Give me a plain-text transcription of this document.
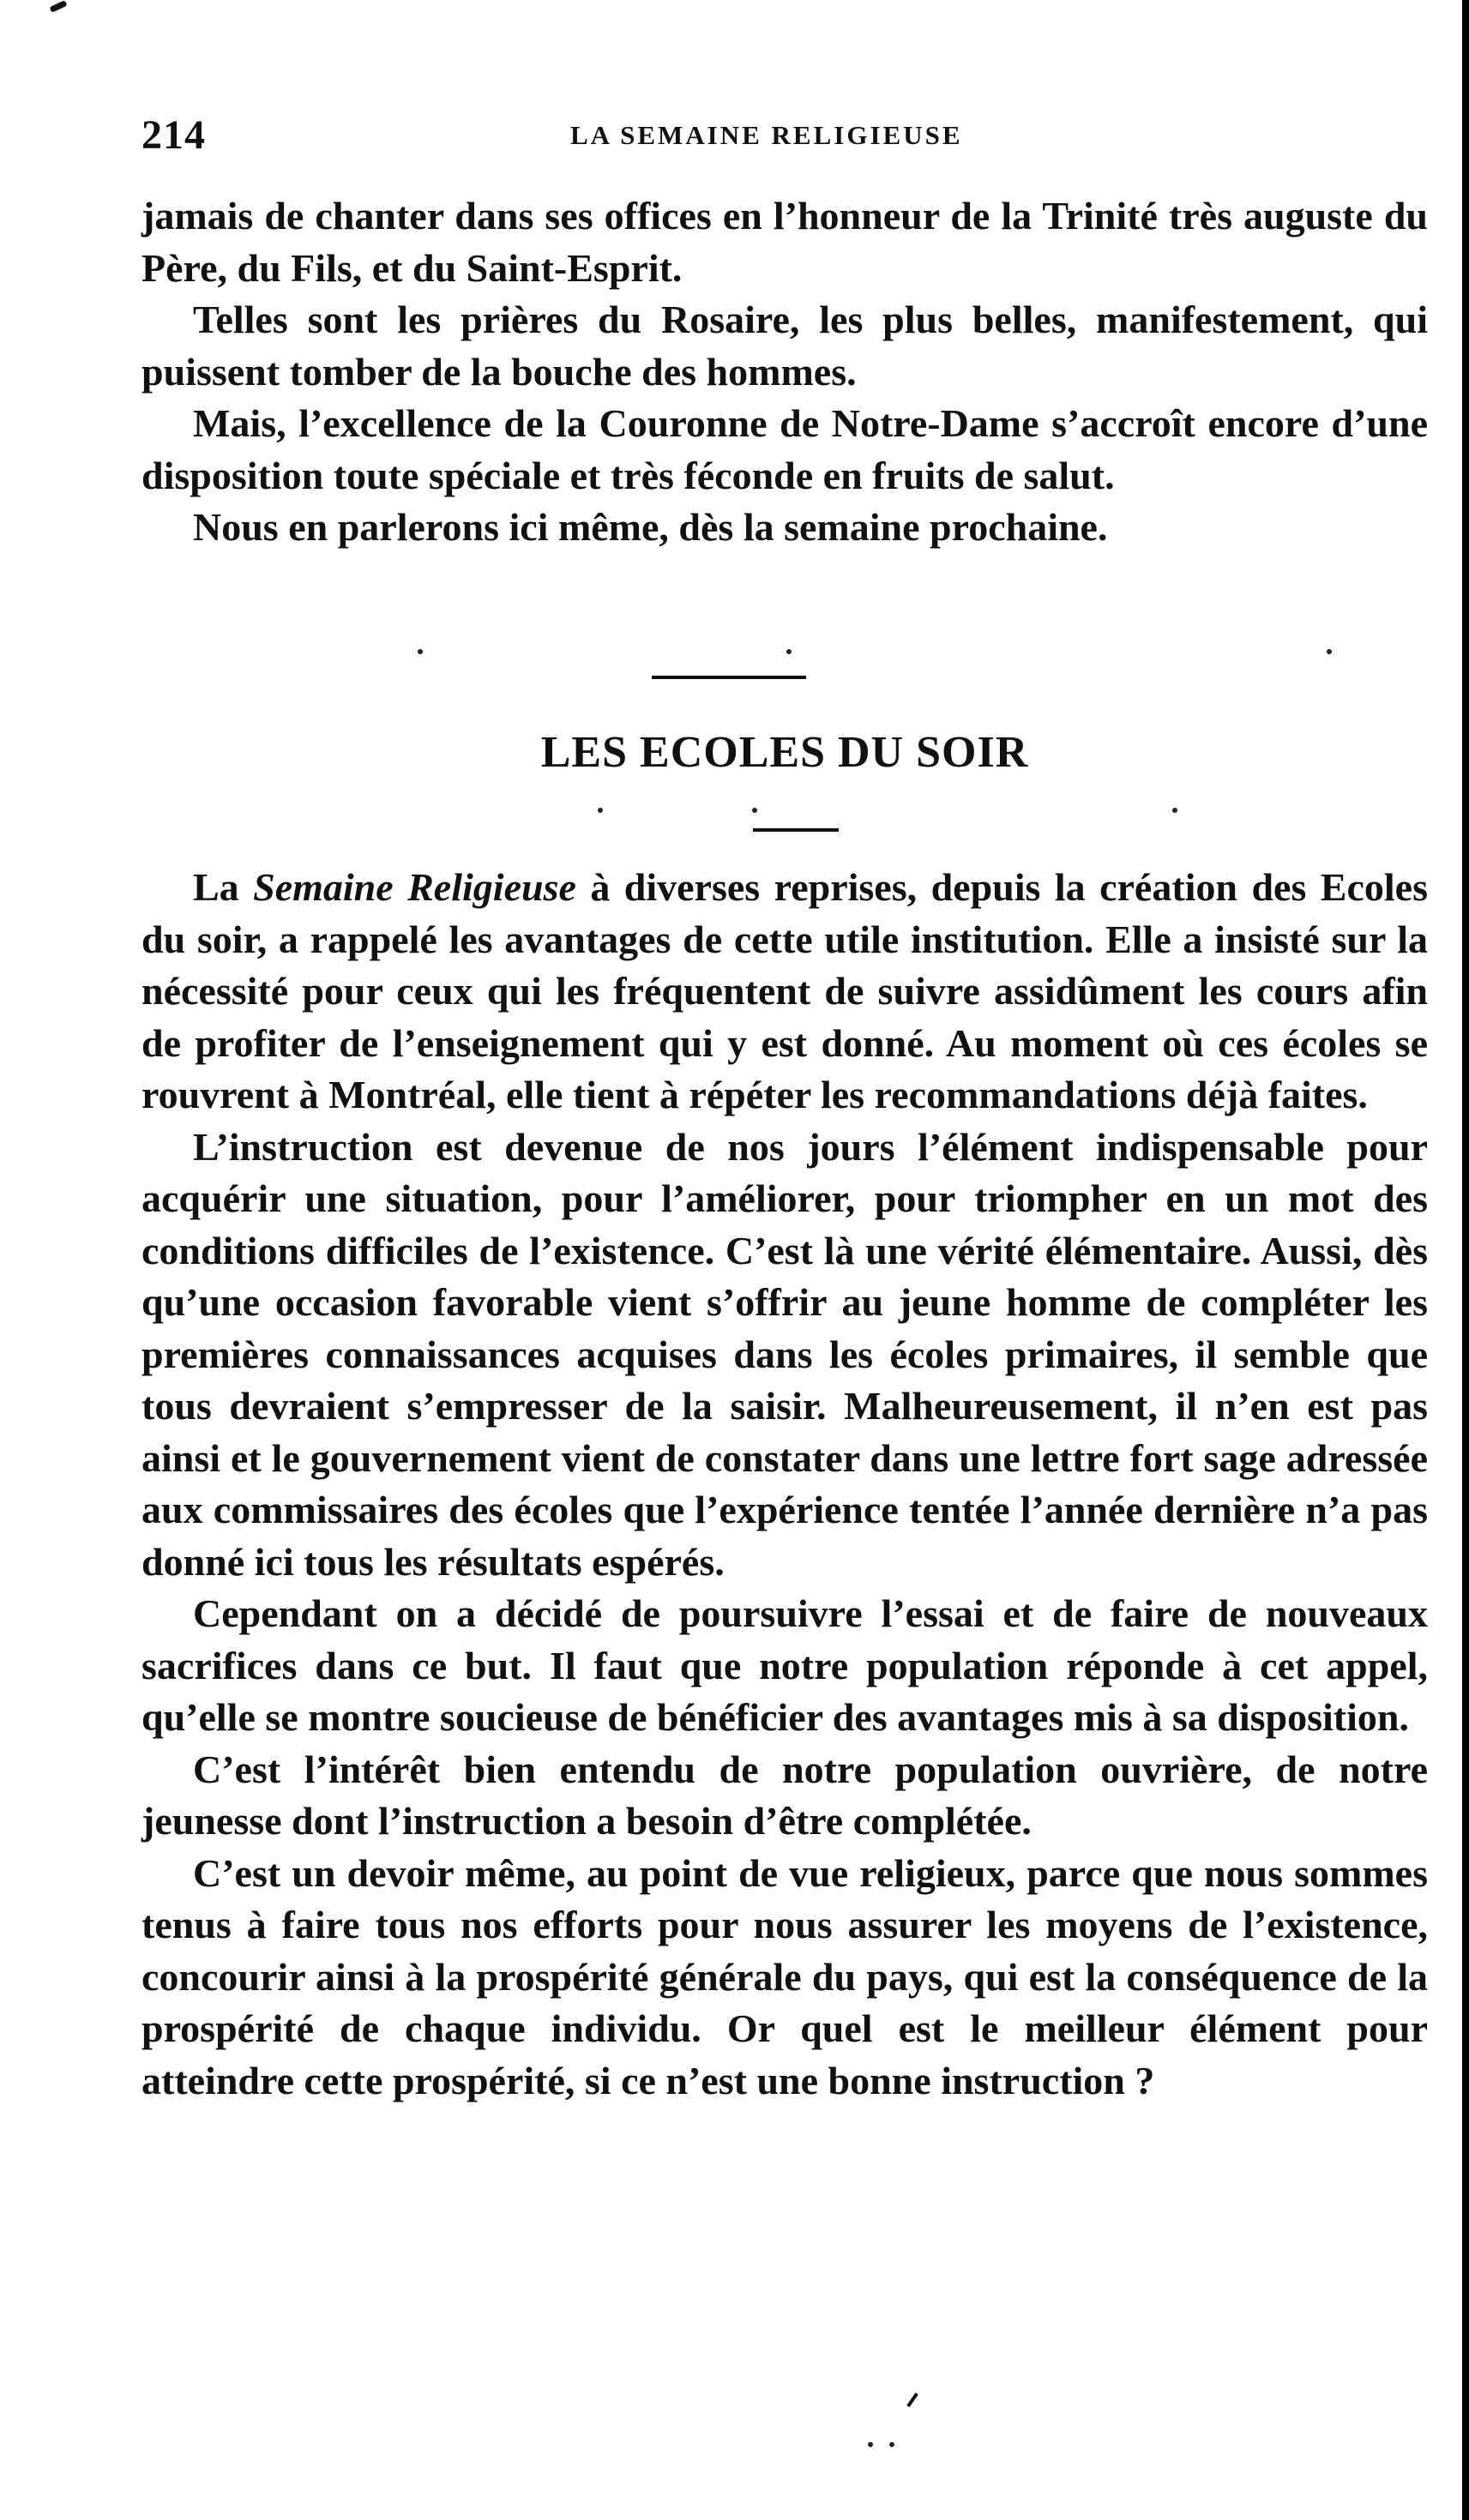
214	LA SEMAINE RELIGIEUSE

jamais de chanter dans ses offices en l’honneur de la Trinité très auguste du Père, du Fils, et du Saint-Esprit.

Telles sont les prières du Rosaire, les plus belles, manifestement, qui puissent tomber de la bouche des hommes.

Mais, l’excellence de la Couronne de Notre-Dame s’accroît encore d’une disposition toute spéciale et très féconde en fruits de salut.

Nous en parlerons ici même, dès la semaine prochaine.

LES ECOLES DU SOIR

La Semaine Religieuse à diverses reprises, depuis la création des Ecoles du soir, a rappelé les avantages de cette utile institution. Elle a insisté sur la nécessité pour ceux qui les fréquentent de suivre assidûment les cours afin de profiter de l’enseignement qui y est donné. Au moment où ces écoles se rouvrent à Montréal, elle tient à répéter les recommandations déjà faites.

L’instruction est devenue de nos jours l’élément indispensable pour acquérir une situation, pour l’améliorer, pour triompher en un mot des conditions difficiles de l’existence. C’est là une vérité élémentaire. Aussi, dès qu’une occasion favorable vient s’offrir au jeune homme de compléter les premières connaissances acquises dans les écoles primaires, il semble que tous devraient s’empresser de la saisir. Malheureusement, il n’en est pas ainsi et le gouvernement vient de constater dans une lettre fort sage adressée aux commissaires des écoles que l’expérience tentée l’année dernière n’a pas donné ici tous les résultats espérés.

Cependant on a décidé de poursuivre l’essai et de faire de nouveaux sacrifices dans ce but. Il faut que notre population réponde à cet appel, qu’elle se montre soucieuse de bénéficier des avantages mis à sa disposition.

C’est l’intérêt bien entendu de notre population ouvrière, de notre jeunesse dont l’instruction a besoin d’être complétée.

C’est un devoir même, au point de vue religieux, parce que nous sommes tenus à faire tous nos efforts pour nous assurer les moyens de l’existence, concourir ainsi à la prospérité générale du pays, qui est la conséquence de la prospérité de chaque individu. Or quel est le meilleur élément pour atteindre cette prospérité, si ce n’est une bonne instruction ?
